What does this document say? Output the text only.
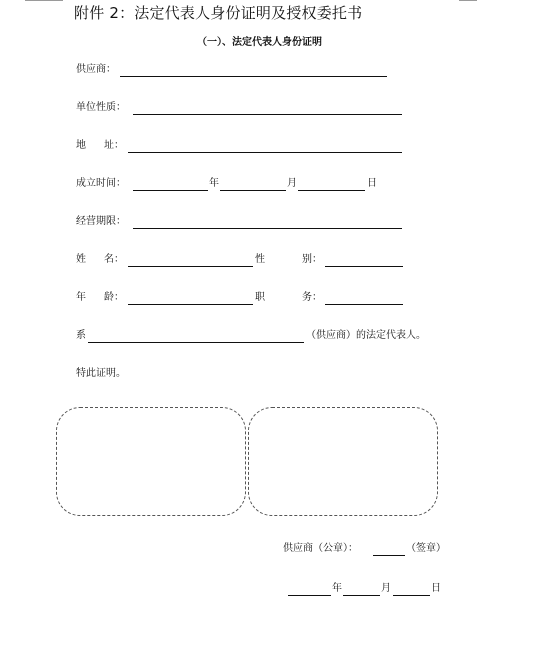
附件 2：法定代表人身份证明及授权委托书
（一）、法定代表人身份证明
供应商：
单位性质：
地 址：
成立时间：	年	月	日
经营期限：
姓 名：	性	别：
年 龄：	职	务：
系	（供应商）的法定代表人。
特此证明。
供应商（公章）：	（签章）
年	月	日
